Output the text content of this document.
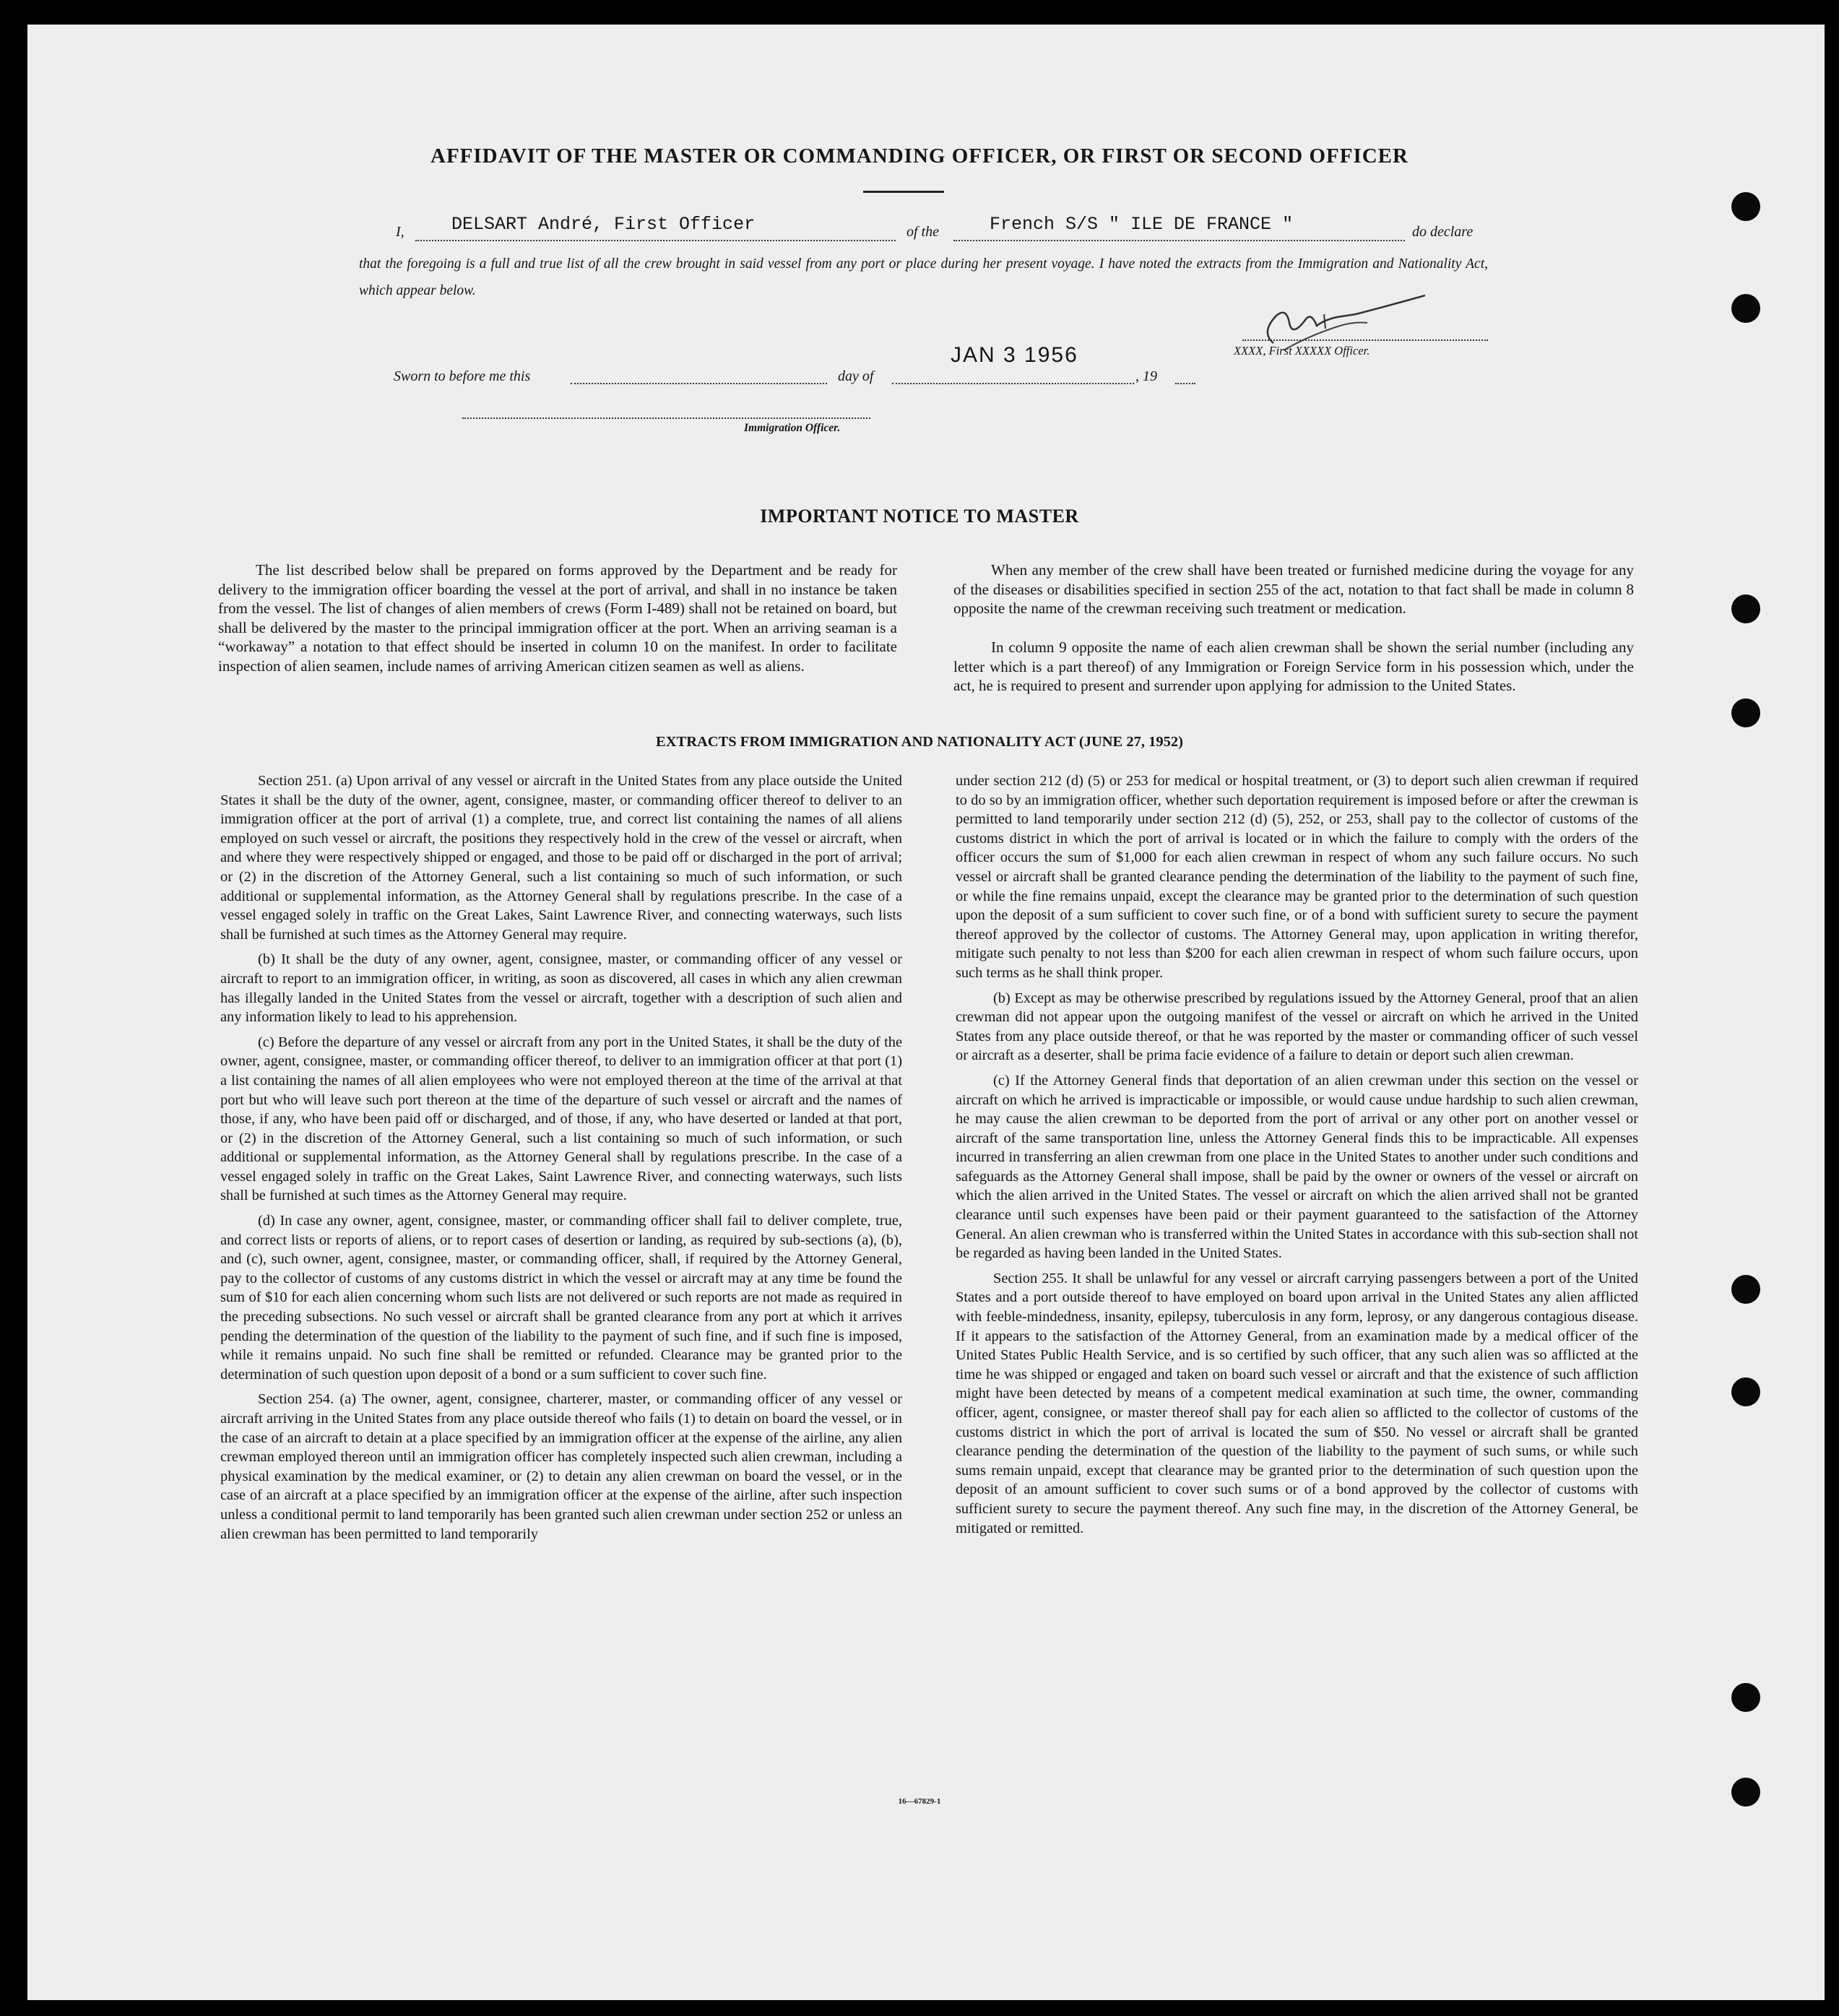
AFFIDAVIT OF THE MASTER OR COMMANDING OFFICER, OR FIRST OR SECOND OFFICER
I,	DELSART André, First Officer	of the	French S/S " ILE DE FRANCE "	do declare

that the foregoing is a full and true list of all the crew brought in said vessel from any port or place during her present voyage. I have noted the extracts from the Immigration and Nationality Act, which appear below.

XXXX, First XXXXX Officer.
Sworn to before me this	day of
JAN 3 1956
, 19
Immigration Officer.
IMPORTANT NOTICE TO MASTER

The list described below shall be prepared on forms approved by the Department and be ready for delivery to the immigration officer boarding the vessel at the port of arrival, and shall in no instance be taken from the vessel. The list of changes of alien members of crews (Form I-489) shall not be retained on board, but shall be delivered by the master to the principal immigration officer at the port. When an arriving seaman is a “workaway” a notation to that effect should be inserted in column 10 on the manifest. In order to facilitate inspection of alien seamen, include names of arriving American citizen seamen as well as aliens.

When any member of the crew shall have been treated or furnished medicine during the voyage for any of the diseases or disabilities specified in section 255 of the act, notation to that fact shall be made in column 8 opposite the name of the crewman receiving such treatment or medication.

In column 9 opposite the name of each alien crewman shall be shown the serial number (including any letter which is a part thereof) of any Immigration or Foreign Service form in his possession which, under the act, he is required to present and surrender upon applying for admission to the United States.

EXTRACTS FROM IMMIGRATION AND NATIONALITY ACT (JUNE 27, 1952)

Section 251. (a) Upon arrival of any vessel or aircraft in the United States from any place outside the United States it shall be the duty of the owner, agent, consignee, master, or commanding officer thereof to deliver to an immigration officer at the port of arrival (1) a complete, true, and correct list containing the names of all aliens employed on such vessel or aircraft, the positions they respectively hold in the crew of the vessel or aircraft, when and where they were respectively shipped or engaged, and those to be paid off or discharged in the port of arrival; or (2) in the discretion of the Attorney General, such a list containing so much of such information, or such additional or supplemental information, as the Attorney General shall by regulations prescribe. In the case of a vessel engaged solely in traffic on the Great Lakes, Saint Lawrence River, and connecting waterways, such lists shall be furnished at such times as the Attorney General may require.

(b) It shall be the duty of any owner, agent, consignee, master, or commanding officer of any vessel or aircraft to report to an immigration officer, in writing, as soon as discovered, all cases in which any alien crewman has illegally landed in the United States from the vessel or aircraft, together with a description of such alien and any information likely to lead to his apprehension.

(c) Before the departure of any vessel or aircraft from any port in the United States, it shall be the duty of the owner, agent, consignee, master, or commanding officer thereof, to deliver to an immigration officer at that port (1) a list containing the names of all alien employees who were not employed thereon at the time of the arrival at that port but who will leave such port thereon at the time of the departure of such vessel or aircraft and the names of those, if any, who have been paid off or discharged, and of those, if any, who have deserted or landed at that port, or (2) in the discretion of the Attorney General, such a list containing so much of such information, or such additional or supplemental information, as the Attorney General shall by regulations prescribe. In the case of a vessel engaged solely in traffic on the Great Lakes, Saint Lawrence River, and connecting waterways, such lists shall be furnished at such times as the Attorney General may require.

(d) In case any owner, agent, consignee, master, or commanding officer shall fail to deliver complete, true, and correct lists or reports of aliens, or to report cases of desertion or landing, as required by sub-sections (a), (b), and (c), such owner, agent, consignee, master, or commanding officer, shall, if required by the Attorney General, pay to the collector of customs of any customs district in which the vessel or aircraft may at any time be found the sum of $10 for each alien concerning whom such lists are not delivered or such reports are not made as required in the preceding subsections. No such vessel or aircraft shall be granted clearance from any port at which it arrives pending the determination of the question of the liability to the payment of such fine, and if such fine is imposed, while it remains unpaid. No such fine shall be remitted or refunded. Clearance may be granted prior to the determination of such question upon deposit of a bond or a sum sufficient to cover such fine.

Section 254. (a) The owner, agent, consignee, charterer, master, or commanding officer of any vessel or aircraft arriving in the United States from any place outside thereof who fails (1) to detain on board the vessel, or in the case of an aircraft to detain at a place specified by an immigration officer at the expense of the airline, any alien crewman employed thereon until an immigration officer has completely inspected such alien crewman, including a physical examination by the medical examiner, or (2) to detain any alien crewman on board the vessel, or in the case of an aircraft at a place specified by an immigration officer at the expense of the airline, after such inspection unless a conditional permit to land temporarily has been granted such alien crewman under section 252 or unless an alien crewman has been permitted to land temporarily

under section 212 (d) (5) or 253 for medical or hospital treatment, or (3) to deport such alien crewman if required to do so by an immigration officer, whether such deportation requirement is imposed before or after the crewman is permitted to land temporarily under section 212 (d) (5), 252, or 253, shall pay to the collector of customs of the customs district in which the port of arrival is located or in which the failure to comply with the orders of the officer occurs the sum of $1,000 for each alien crewman in respect of whom any such failure occurs. No such vessel or aircraft shall be granted clearance pending the determination of the liability to the payment of such fine, or while the fine remains unpaid, except the clearance may be granted prior to the determination of such question upon the deposit of a sum sufficient to cover such fine, or of a bond with sufficient surety to secure the payment thereof approved by the collector of customs. The Attorney General may, upon application in writing therefor, mitigate such penalty to not less than $200 for each alien crewman in respect of whom such failure occurs, upon such terms as he shall think proper.

(b) Except as may be otherwise prescribed by regulations issued by the Attorney General, proof that an alien crewman did not appear upon the outgoing manifest of the vessel or aircraft on which he arrived in the United States from any place outside thereof, or that he was reported by the master or commanding officer of such vessel or aircraft as a deserter, shall be prima facie evidence of a failure to detain or deport such alien crewman.

(c) If the Attorney General finds that deportation of an alien crewman under this section on the vessel or aircraft on which he arrived is impracticable or impossible, or would cause undue hardship to such alien crewman, he may cause the alien crewman to be deported from the port of arrival or any other port on another vessel or aircraft of the same transportation line, unless the Attorney General finds this to be impracticable. All expenses incurred in transferring an alien crewman from one place in the United States to another under such conditions and safeguards as the Attorney General shall impose, shall be paid by the owner or owners of the vessel or aircraft on which the alien arrived in the United States. The vessel or aircraft on which the alien arrived shall not be granted clearance until such expenses have been paid or their payment guaranteed to the satisfaction of the Attorney General. An alien crewman who is transferred within the United States in accordance with this sub-section shall not be regarded as having been landed in the United States.

Section 255. It shall be unlawful for any vessel or aircraft carrying passengers between a port of the United States and a port outside thereof to have employed on board upon arrival in the United States any alien afflicted with feeble-mindedness, insanity, epilepsy, tuberculosis in any form, leprosy, or any dangerous contagious disease. If it appears to the satisfaction of the Attorney General, from an examination made by a medical officer of the United States Public Health Service, and is so certified by such officer, that any such alien was so afflicted at the time he was shipped or engaged and taken on board such vessel or aircraft and that the existence of such affliction might have been detected by means of a competent medical examination at such time, the owner, commanding officer, agent, consignee, or master thereof shall pay for each alien so afflicted to the collector of customs of the customs district in which the port of arrival is located the sum of $50. No vessel or aircraft shall be granted clearance pending the determination of the question of the liability to the payment of such sums, or while such sums remain unpaid, except that clearance may be granted prior to the determination of such question upon the deposit of an amount sufficient to cover such sums or of a bond approved by the collector of customs with sufficient surety to secure the payment thereof. Any such fine may, in the discretion of the Attorney General, be mitigated or remitted.

16—67829-1
